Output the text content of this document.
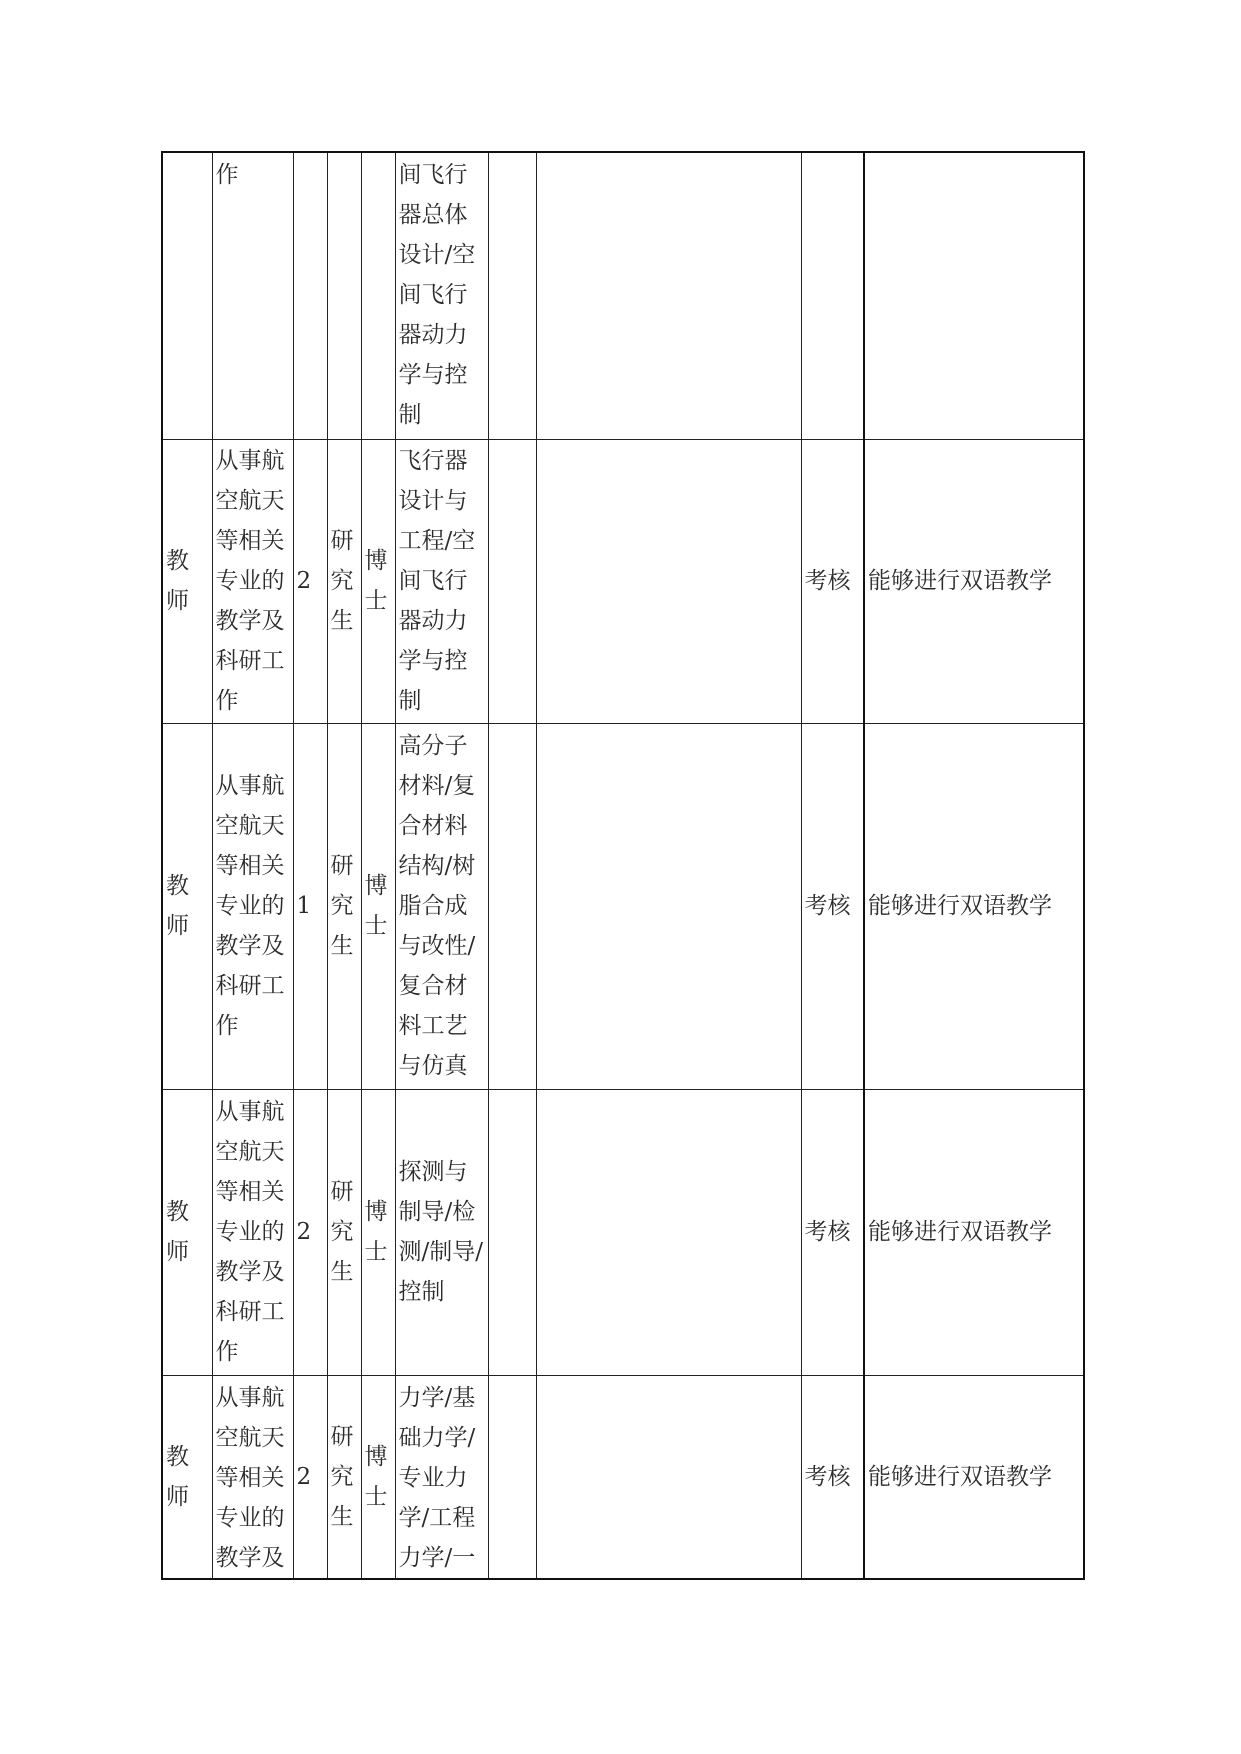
	作				间飞行器总体设计/空间飞行器动力学与控制				

教师	从事航空航天等相关专业的教学及科研工作	2	研究生	博士	飞行器设计与工程/空间飞行器动力学与控制			考核	能够进行双语教学

教师	从事航空航天等相关专业的教学及科研工作	1	研究生	博士	高分子材料/复合材料结构/树脂合成与改性/复合材料工艺与仿真			考核	能够进行双语教学

教师	从事航空航天等相关专业的教学及科研工作	2	研究生	博士	探测与制导/检测/制导/控制			考核	能够进行双语教学

教师	从事航空航天等相关专业的教学及	2	研究生	博士	力学/基础力学/专业力学/工程力学/一			考核	能够进行双语教学
